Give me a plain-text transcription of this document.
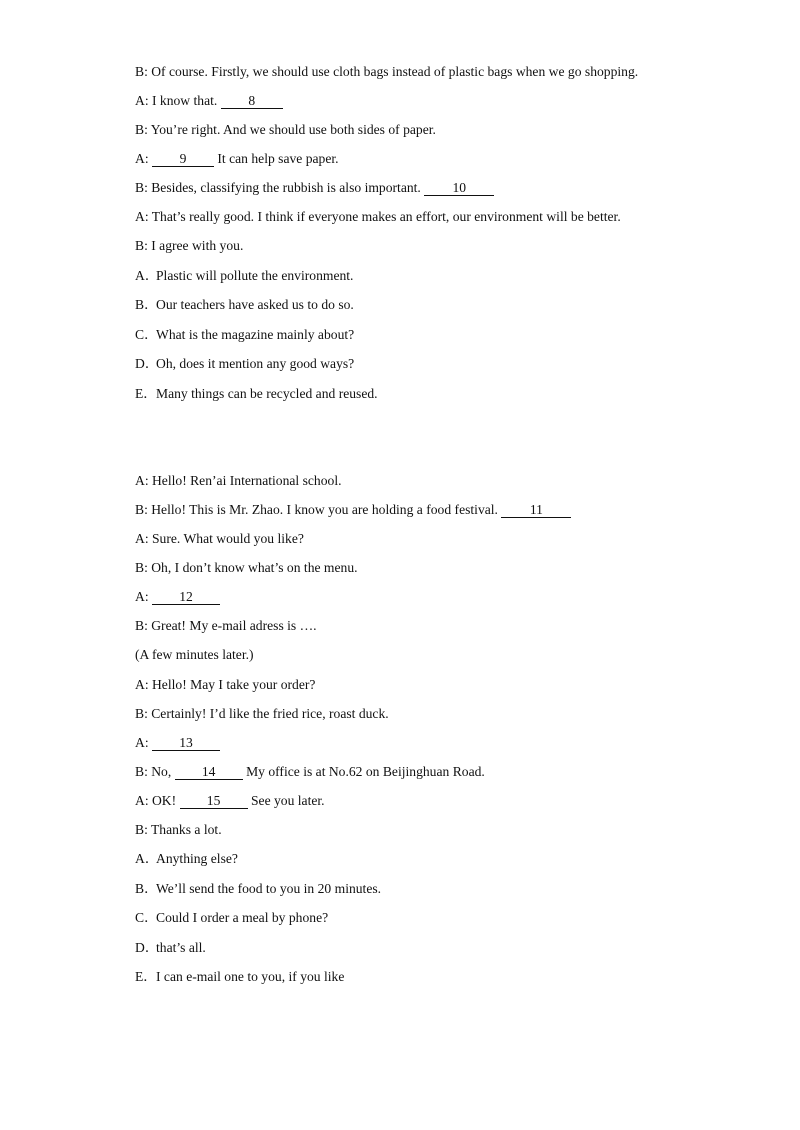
B: Of course. Firstly, we should use cloth bags instead of plastic bags when we go shopping.
A: I know that. 8
B: You’re right. And we should use both sides of paper.
A: 9 It can help save paper.
B: Besides, classifying the rubbish is also important. 10
A: That’s really good. I think if everyone makes an effort, our environment will be better.
B: I agree with you.
A．Plastic will pollute the environment.
B．Our teachers have asked us to do so.
C．What is the magazine mainly about?
D．Oh, does it mention any good ways?
E．Many things can be recycled and reused.
A: Hello! Ren’ai International school.
B: Hello! This is Mr. Zhao. I know you are holding a food festival. 11
A: Sure. What would you like?
B: Oh, I don’t know what’s on the menu.
A: 12
B: Great! My e-mail adress is ….
(A few minutes later.)
A: Hello! May I take your order?
B: Certainly! I’d like the fried rice, roast duck.
A: 13
B: No, 14 My office is at No.62 on Beijinghuan Road.
A: OK! 15 See you later.
B: Thanks a lot.
A．Anything else?
B．We’ll send the food to you in 20 minutes.
C．Could I order a meal by phone?
D．that’s all.
E．I can e-mail one to you, if you like
